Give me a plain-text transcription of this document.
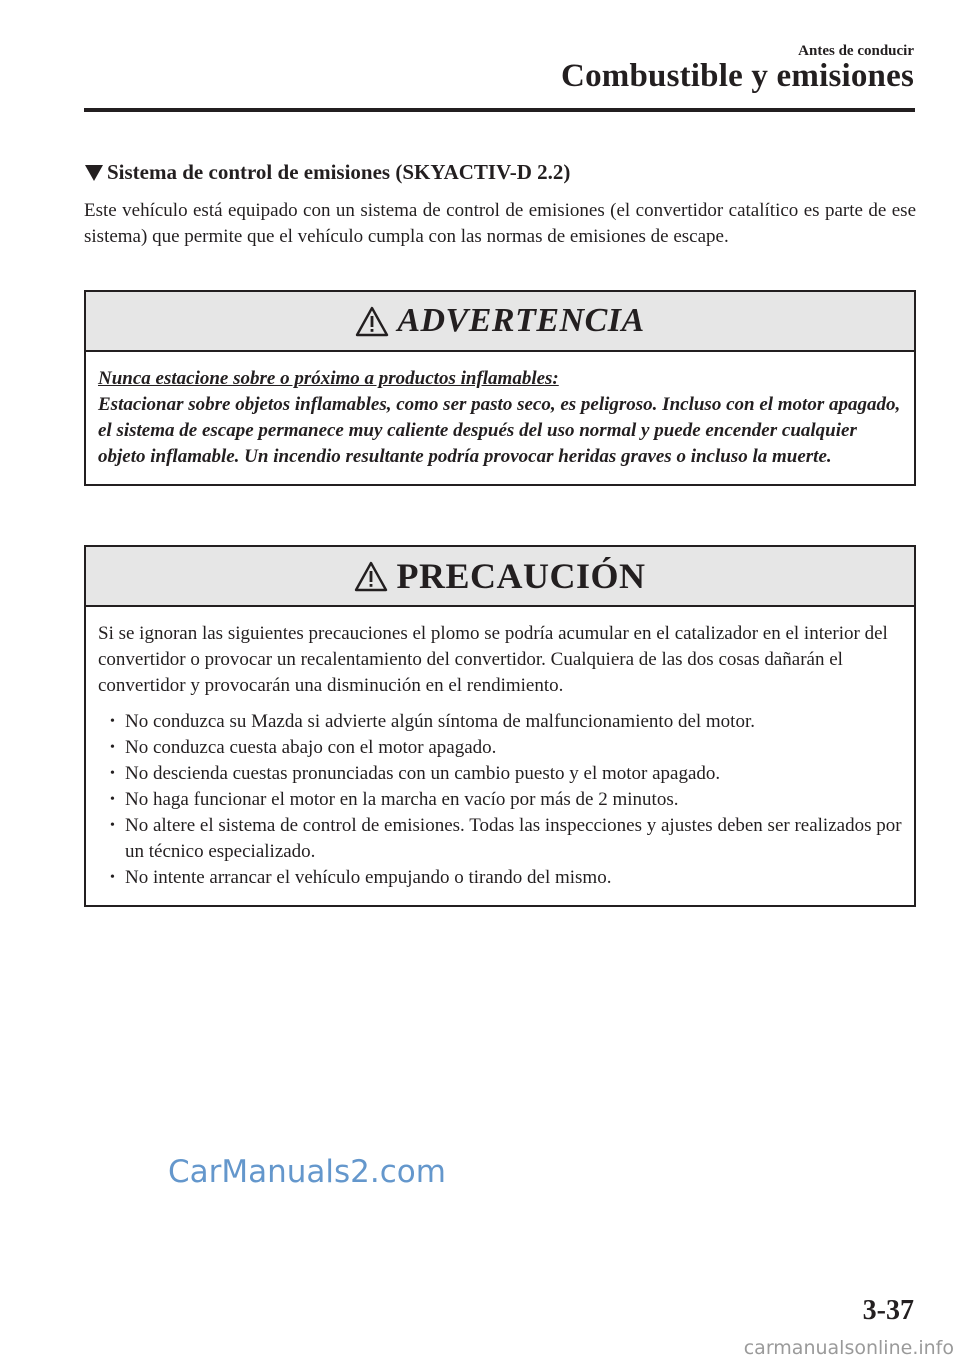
Antes de conducir
Combustible y emisiones
Sistema de control de emisiones (SKYACTIV-D 2.2)

Este vehículo está equipado con un sistema de control de emisiones (el convertidor catalítico es parte de ese sistema) que permite que el vehículo cumpla con las normas de emisiones de escape.

ADVERTENCIA
Nunca estacione sobre o próximo a productos inflamables:
Estacionar sobre objetos inflamables, como ser pasto seco, es peligroso. Incluso con el motor apagado, el sistema de escape permanece muy caliente después del uso normal y puede encender cualquier objeto inflamable. Un incendio resultante podría provocar heridas graves o incluso la muerte.
PRECAUCIÓN

Si se ignoran las siguientes precauciones el plomo se podría acumular en el catalizador en el interior del convertidor o provocar un recalentamiento del convertidor. Cualquiera de las dos cosas dañarán el convertidor y provocarán una disminución en el rendimiento.

• No conduzca su Mazda si advierte algún síntoma de malfuncionamiento del motor.
• No conduzca cuesta abajo con el motor apagado.
• No descienda cuestas pronunciadas con un cambio puesto y el motor apagado.
• No haga funcionar el motor en la marcha en vacío por más de 2 minutos.
• No altere el sistema de control de emisiones. Todas las inspecciones y ajustes deben ser realizados por un técnico especializado.
• No intente arrancar el vehículo empujando o tirando del mismo.
CarManuals2.com
3-37
carmanualsonline.info
